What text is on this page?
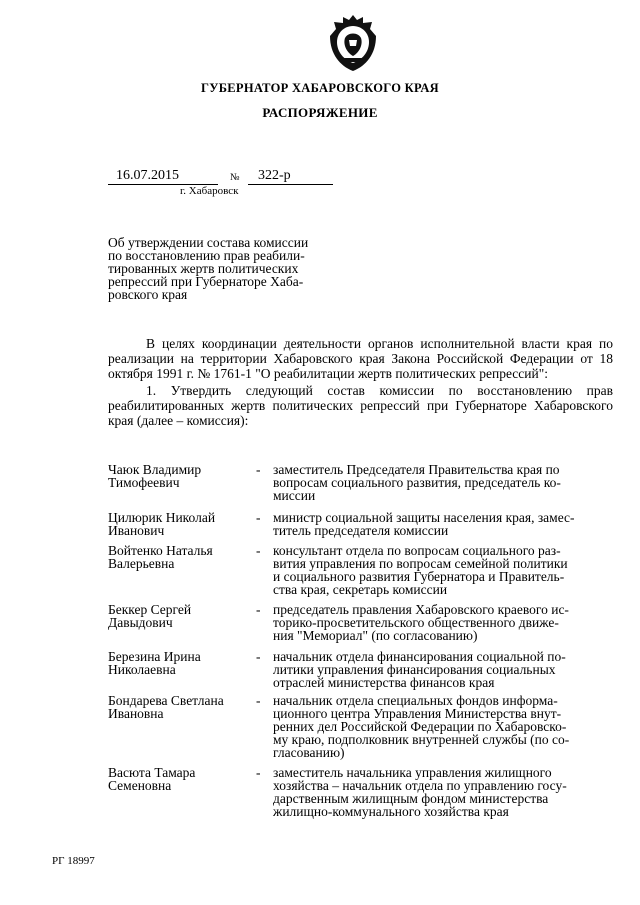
ГУБЕРНАТОР ХАБАРОВСКОГО КРАЯ
РАСПОРЯЖЕНИЕ
16.07.2015	№ 322-р
г. Хабаровск
Об утверждении состава комиссии
по восстановлению прав реабили-
тированных жертв политических
репрессий при Губернаторе Хаба-
ровского края

В целях координации деятельности органов исполнительной власти края по реализации на территории Хабаровского края Закона Российской Федерации от 18 октября 1991 г. № 1761-1 "О реабилитации жертв политических репрессий":

1. Утвердить следующий состав комиссии по восстановлению прав реабилитированных жертв политических репрессий при Губернаторе Хабаровского края (далее – комиссия):

Чаюк Владимир
Тимофеевич
- заместитель Председателя Правительства края по
вопросам социального развития, председатель ко-
миссии
Цилюрик Николай
Иванович
- министр социальной защиты населения края, замес-
титель председателя комиссии
Войтенко Наталья
Валерьевна
- консультант отдела по вопросам социального раз-
вития управления по вопросам семейной политики
и социального развития Губернатора и Правитель-
ства края, секретарь комиссии
Беккер Сергей
Давыдович
- председатель правления Хабаровского краевого ис-
торико-просветительского общественного движе-
ния "Мемориал" (по согласованию)
Березина Ирина
Николаевна
- начальник отдела финансирования социальной по-
литики управления финансирования социальных
отраслей министерства финансов края
Бондарева Светлана
Ивановна
- начальник отдела специальных фондов информа-
ционного центра Управления Министерства внут-
ренних дел Российской Федерации по Хабаровско-
му краю, подполковник внутренней службы (по со-
гласованию)
Васюта Тамара
Семеновна
- заместитель начальника управления жилищного
хозяйства – начальник отдела по управлению госу-
дарственным жилищным фондом министерства
жилищно-коммунального хозяйства края
РГ 18997
